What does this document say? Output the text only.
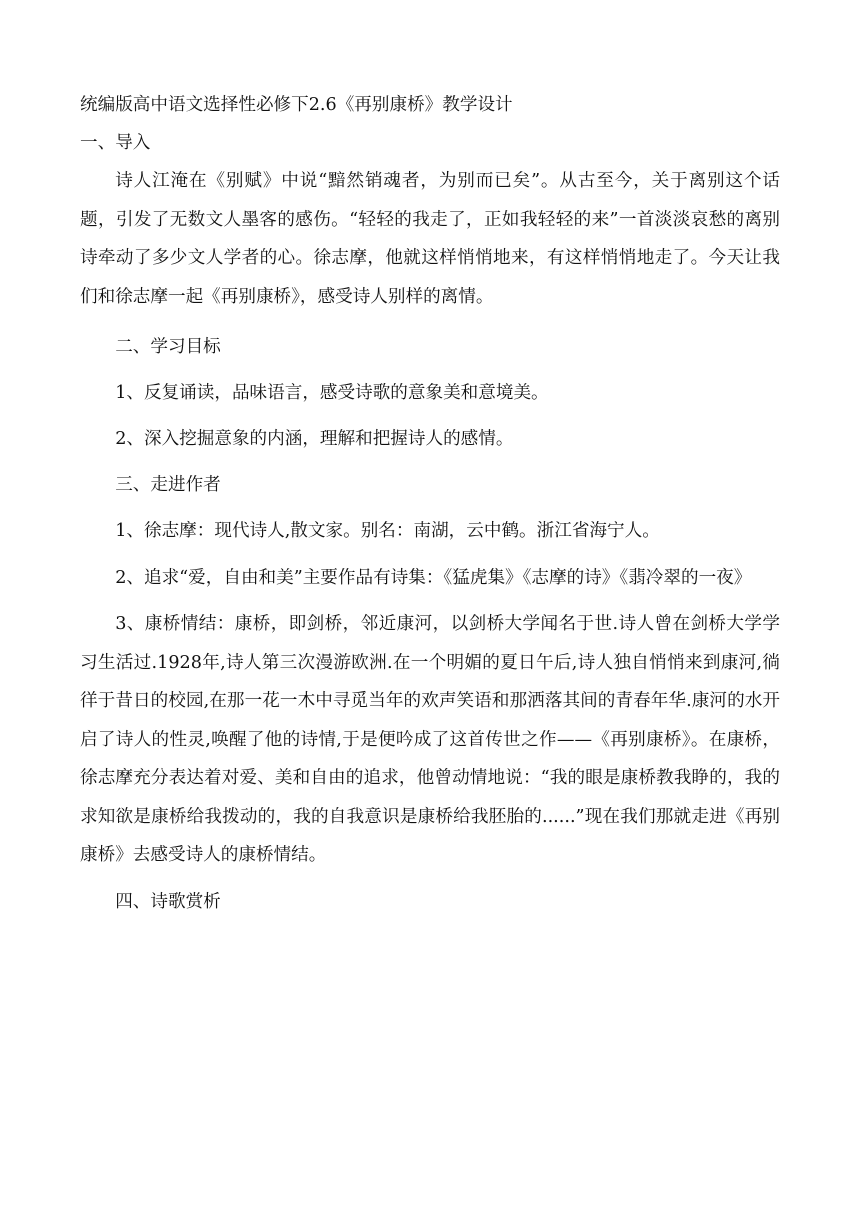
统编版高中语文选择性必修下2.6《再别康桥》教学设计

一、导入

诗人江淹在《别赋》中说“黯然销魂者，为别而已矣”。从古至今，关于离别这个话题，引发了无数文人墨客的感伤。“轻轻的我走了，正如我轻轻的来”一首淡淡哀愁的离别诗牵动了多少文人学者的心。徐志摩，他就这样悄悄地来，有这样悄悄地走了。今天让我们和徐志摩一起《再别康桥》，感受诗人别样的离情。

二、学习目标

1、反复诵读，品味语言，感受诗歌的意象美和意境美。

2、深入挖掘意象的内涵，理解和把握诗人的感情。

三、走进作者

1、徐志摩：现代诗人,散文家。别名：南湖，云中鹤。浙江省海宁人。

2、追求“爱，自由和美”主要作品有诗集：《猛虎集》《志摩的诗》《翡冷翠的一夜》

3、康桥情结：康桥，即剑桥，邻近康河，以剑桥大学闻名于世.诗人曾在剑桥大学学习生活过.1928年,诗人第三次漫游欧洲.在一个明媚的夏日午后,诗人独自悄悄来到康河,徜徉于昔日的校园,在那一花一木中寻觅当年的欢声笑语和那洒落其间的青春年华.康河的水开启了诗人的性灵,唤醒了他的诗情,于是便吟成了这首传世之作——《再别康桥》。在康桥，徐志摩充分表达着对爱、美和自由的追求，他曾动情地说：“我的眼是康桥教我睁的，我的求知欲是康桥给我拨动的，我的自我意识是康桥给我胚胎的......”现在我们那就走进《再别康桥》去感受诗人的康桥情结。

四、诗歌赏析
